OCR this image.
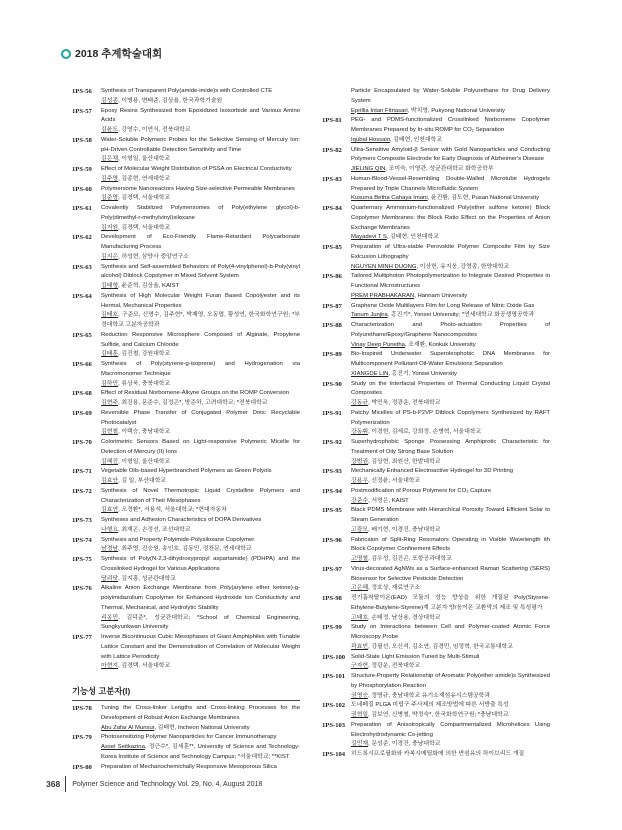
2018 추계학술대회
1PS-56	Synthesis of Transparent Poly(amide-imide)s with Controlled CTE
김성종, 이병용, 변태준, 김상율, 한국과학기술원
1PS-57	Epoxy Resins Synthesized from Epoxidized Isosorbide and Various Amino Acids
김윤도, 강영수, 이연식, 전북대학교
1PS-58	Water-Soluble Polymeric Probes for the Selective Sensing of Mercury Ion: pH-Driven Controllable Detection Sensitivity and Time
김은채, 이형일, 울산대학교
1PS-59	Effect of Molecular Weight Distribution of PSSA on Electrical Conductivity
김주영, 김종현, 연세대학교
1PS-60	Polymersome Nanoreactors Having Size-selective Permeable Membranes
김준영, 김경택, 서울대학교
1PS-61	Covalently Stabilized Polymersomes of Poly(ethylene glycol)-b-Poly(dimethyl-r-methylvinyl)siloxane
김지원, 김경택, 서울대학교
1PS-62	Development of Eco-Friendly Flame-Retardant Polycarbonate Manufacturing Process
김지은, 허성현, 삼양사 중앙연구소
1PS-63	Synthesis and Self-assembled Behaviors of Poly(4-vinylphenol)-b-Poly(vinyl alcohol) Diblock Copolymer in Mixed Solvent System
김태형, 윤준혁, 김상율, KAIST
1PS-64	Synthesis of High Molecular Weight Furan Based Copolyester and its Hermal, Mechanical Properties
김태호, 구준모, 신명수, 김주현*, 박제영, 오동엽, 황성연, 한국화학연구원; *부경대학교 고분자공학과
1PS-65	Reduction Responsive Microsphere Composed of Alginate, Propylene Sulfide, and Calcium Chloride
김태훈, 김진철, 강원대학교
1PS-66	Synthesis of Poly(styrene-g-isoprene) and Hydrogenation via Macromonomer Technique
김하민, 류상욱, 충북대학교
1PS-68	Effect of Residual Norbornene-Alkyne Groups on the ROMP Conversion
김현주, 최진용, 문준수, 김정곤*, 방준하, 고려대학교; *전북대학교
1PS-69	Reversible Phase Transfer of Conjugated Polymer Dots: Recyclable Photocatalyst
김현철, 이택승, 충남대학교
1PS-70	Colorimetric Sensors Based on Light-responsive Polymeric Micelle for Detection of Mercury (II) Ions
김혜진, 이형일, 울산대학교
1PS-71	Vegetable Oils-based Hyperbranched Polymers as Green Polyols
김효안, 김 일, 부산대학교
1PS-72	Synthesis of Novel Thermotropic Liquid Crystalline Polymers and Characterization of Their Mesophases
김효연, 오경환*, 서용석, 서울대학교; *현대자동차
1PS-73	Syntheses and Adhesion Characteristics of DOPA Derivatives
나형요, 최재곤, 손정선, 조선대학교
1PS-74	Synthesis and Property Polyimide-Polysiloxane Copolymer
남경남, 최주영, 진승원, 송인호, 김동민, 정찬문, 연세대학교
1PS-75	Synthesis of Poly(N-2,3-dihydroxypropyl aspartamide) (PDHPA) and the Crosslinked Hydrogel for Various Applications
당쾨닷, 김지흥, 성균관대학교
1PS-76	Alkaline Anion Exchange Membrane from Poly(arylene ether ketone)-g-polyimidazolium Copolymer for Enhanced Hydroxide Ion Conductivity and Thermal, Mechanical, and Hydrolytic Stability
리옹민, 김덕준*, 성균관대학교; *School of Chemical Engineering, Sungkyunkwan University
1PS-77	Inverse Bicontinuous Cubic Mesophases of Giant Amphiphiles with Tunable Lattice Constant and the Demonstration of Correlation of Molecular Weight with Lattice Periodicity
마현지, 김경택, 서울대학교
기능성 고분자(I)
1PS-78	Tuning the Cross-linker Lengths and Cross-linking Processes for the Development of Robust Anion Exchange Membranes
Abu Zafar Al Munsur, 김태현, Incheon National University
1PS-79	Photosensitizing Polymer Nanoparticles for Cancer Immunotherapy
Assel Seitkazina, 정근수*, 김세훈**, University of Science and Technology-Korea Institute of Science and Technology Campus; *서울대학교; **KIST
1PS-80	Preparation of Mechanochemichally Responsive Mesoporous Silica
Particle Encapsulated by Water-Soluble Polyurethane for Drug Delivery System
Eprillia Intan Fitriasari, 박치영, Pukyong National University
1PS-81	PEG- and PDMS-functionalized Crosslinked Norbornene Copolymer Membranes Prepared by In-situ ROMP for CO₂ Separation
Iqubal Hossain, 김태현, 인천대학교
1PS-82	Ultra-Sensitive Amyloid-β Sensor with Gold Nanoparticles and Conducting Polymers Composite Electrode for Early Diagnosis of Alzheimer's Disease
JIELING QIN, 조미숙, 이영관, 성균관대학교 화학공학부
1PS-83	Human-Blood-Vessel-Resembling Double-Walled Microtube Hydrogels Prepared by Triple Channels Microfluidic System
Kusuma Betha Cahaya Imani, 윤진환, 김도현, Pusan National University
1PS-84	Quarternary Ammonium-functionalized Poly(ether sulfone ketone) Block Copolymer Membranes: the Block Ratio Effect on the Properties of Anion Exchange Membranes
Mayadevi T S, 김태현, 인천대학교
1PS-85	Preparation of Ultra-stable Perovskite Polymer Composite Film by Size Exlcusion Lithography
NGUYEN MINH DUONG, 이상헌, 유지웅, 강영종, 한양대학교
1PS-86	Tailored Multiphoton Photopolymerization to Integrate Desired Properties in Functional Microstructures
PREM PRABHAKARAN, Hannam University
1PS-87	Graphene Oxide Multilayers Film for Long Release of Nitric Oxide Gas
Tanum Junjira, 홍진기*, Yonsei University; *연세대학교 화공생명공학과
1PS-88	Characterization and Photo-actuation Properties of Polyurethane/Epoxy/Graphene Nanocomposites
Vinay Deep Punetha, 조재환, Konkuk University
1PS-89	Bio-Inspired Underwater Superoleophobic DNA Membranes for Multicomponent Pollutant-Oil-Water Emulsions Separation
XIANGDE LIN, 홍진기, Yonsei University
1PS-90	Study on the Interfacial Properties of Thermal Conducting Liquid Crystal Composites
강동규, 박민욱, 정광운, 전북대학교
1PS-91	Patchy Micelles of PS-b-P2VP Diblock Copolymers Synthesized by RAFT Polymerization
강동휘, 이경헌, 김세로, 강희정, 손병혁, 서울대학교
1PS-92	Superhydrophobic Sponge Possessing Amphiprotic Characteristic for Treatment of Oily Strong Base Solution
강범권, 김상현, 최원산, 한밭대학교
1PS-93	Mechanically Enhanced Electroactive Hydrogel for 3D Printing
강용우, 선정윤, 서울대학교
1PS-94	Postmodification of Porous Polymers for CO₂ Capture
강준수, 서명은, KAIST
1PS-95	Black PDMS Membrane with Hierarchical Porosity Toward Efficient Solar to Steam Generation
고광모, 배기현, 이경진, 충남대학교
1PS-96	Fabricaion of Split-Ring Resonators Operating in Visible Wavelength ith Block Copolymer Confinement Effects
고명철, 김우성, 김진곤, 포항공과대학교
1PS-97	Virus-decorated AgNWs as a Surface-enhanced Raman Scattering (SERS) Biosensor for Selective Pesticide Detection
고은혜, 정호상, 재료연구소
1PS-98	전기흡착탈이온(EAD) 모듈의 성능 향상을 위한 개질된 Poly(Styrene-Ethylene-Butylene-Styrene)계 고분자 양/음이온 교환막의 제조 및 특성평가
고태호, 손태정, 남상용, 경상대학교
1PS-99	Study on Interactions between Cell and Polymer-coated Atomic Force Microscopy Probe
곽효빈, 강필선, 오신석, 김소연, 김경민, 임정혁, 한국교통대학교
1PS-100	Solid-State Light Emission Tuned by Multi-Stimuli
구자현, 정광운, 전북대학교
1PS-101	Structure-Property Relationship of Aromatic Poly(ether amide)s Synthesized by Phosphorylation Reaction
권영승, 정명규, 충남대학교 유기소재섬유시스템공학과
1PS-102	도네페질 PLGA 미립구 주사제의 제조방법에 따른 서방출 특성
권혁일, 김보연, 신병철, 박정숙*, 한국화학연구원; *충남대학교
1PS-103	Preparation of Anisotropically Compartmentalized Microhelices Using Electrohydrodynamic Co-jetting
길민재, 문성준, 이경진, 충남대학교
1PS-104	히드록시프로필화와 카복시메틸화에 의한 면섬유의 하이브리드 개질
368 Polymer Science and Technology Vol. 29, No. 4, August 2018
